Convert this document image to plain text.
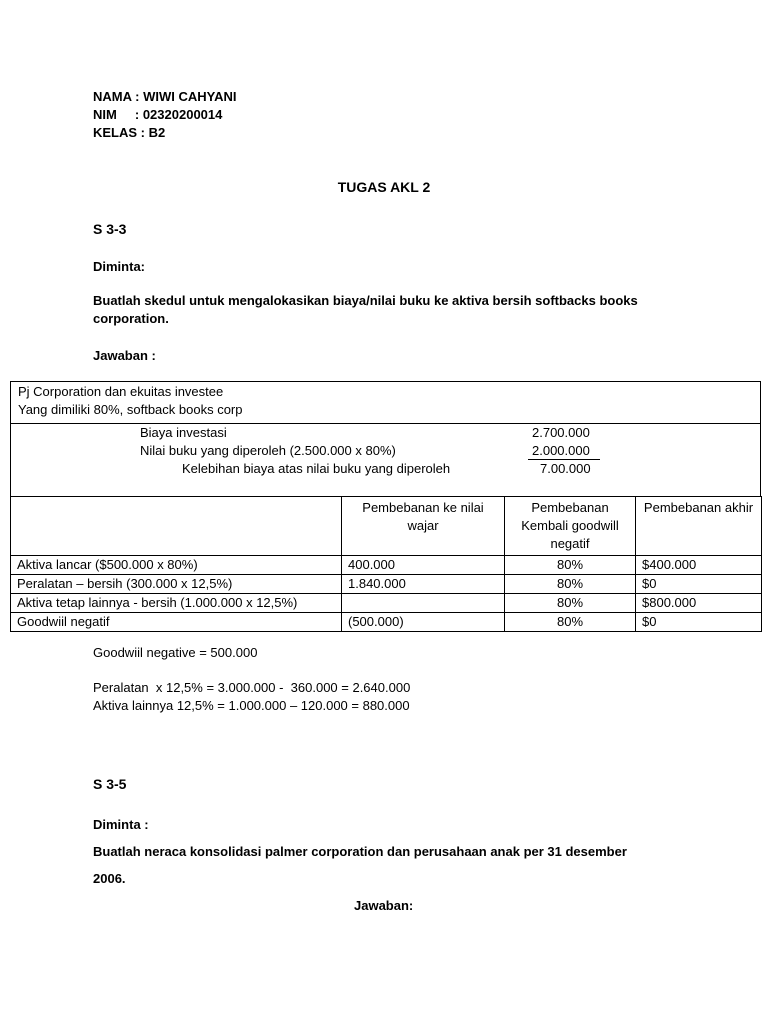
NAMA : WIWI CAHYANI
NIM     : 02320200014
KELAS : B2
TUGAS AKL 2
S 3-3
Diminta:
Buatlah skedul untuk mengalokasikan biaya/nilai buku ke aktiva bersih softbacks books corporation.
Jawaban :
Pj Corporation dan ekuitas investee
Yang dimiliki 80%, softback books corp
Biaya investasi	2.700.000
Nilai buku yang diperoleh (2.500.000 x 80%)	2.000.000
Kelebihan biaya atas nilai buku yang diperoleh	7.00.000
	Pembebanan ke nilai wajar	Pembebanan Kembali goodwill negatif	Pembebanan akhir
Aktiva lancar ($500.000 x 80%)	400.000	80%	$400.000
Peralatan – bersih (300.000 x 12,5%)	1.840.000	80%	$0
Aktiva tetap lainnya - bersih (1.000.000 x 12,5%)		80%	$800.000
Goodwiil negatif	(500.000)	80%	$0
Goodwiil negative = 500.000
Peralatan  x 12,5% = 3.000.000 -  360.000 = 2.640.000
Aktiva lainnya 12,5% = 1.000.000 – 120.000 = 880.000
S 3-5
Diminta :
Buatlah neraca konsolidasi palmer corporation dan perusahaan anak per 31 desember
2006.
Jawaban:
